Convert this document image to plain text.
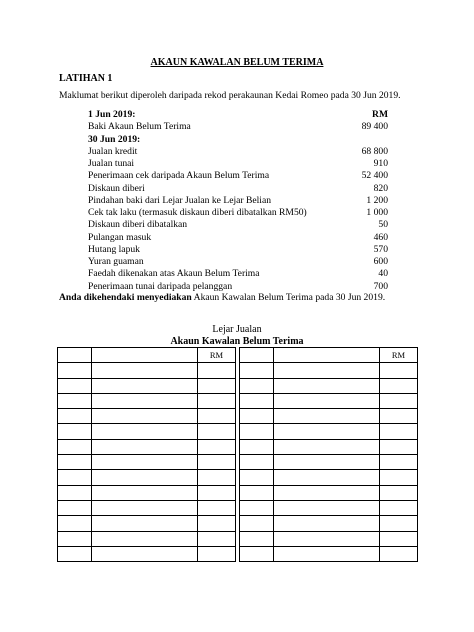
AKAUN KAWALAN BELUM TERIMA
LATIHAN 1
Maklumat berikut diperoleh daripada rekod perakaunan Kedai Romeo pada 30 Jun 2019.
1 Jun 2019:	RM
Baki Akaun Belum Terima	89 400
30 Jun 2019:
Jualan kredit	68 800
Jualan tunai	910
Penerimaan cek daripada Akaun Belum Terima	52 400
Diskaun diberi	820
Pindahan baki dari Lejar Jualan ke Lejar Belian	1 200
Cek tak laku (termasuk diskaun diberi dibatalkan RM50)	1 000
Diskaun diberi dibatalkan	50
Pulangan masuk	460
Hutang lapuk	570
Yuran guaman	600
Faedah dikenakan atas Akaun Belum Terima	40
Penerimaan tunai daripada pelanggan	700
Anda dikehendaki menyediakan Akaun Kawalan Belum Terima pada 30 Jun 2019.
Lejar Jualan
Akaun Kawalan Belum Terima
		RM				RM
